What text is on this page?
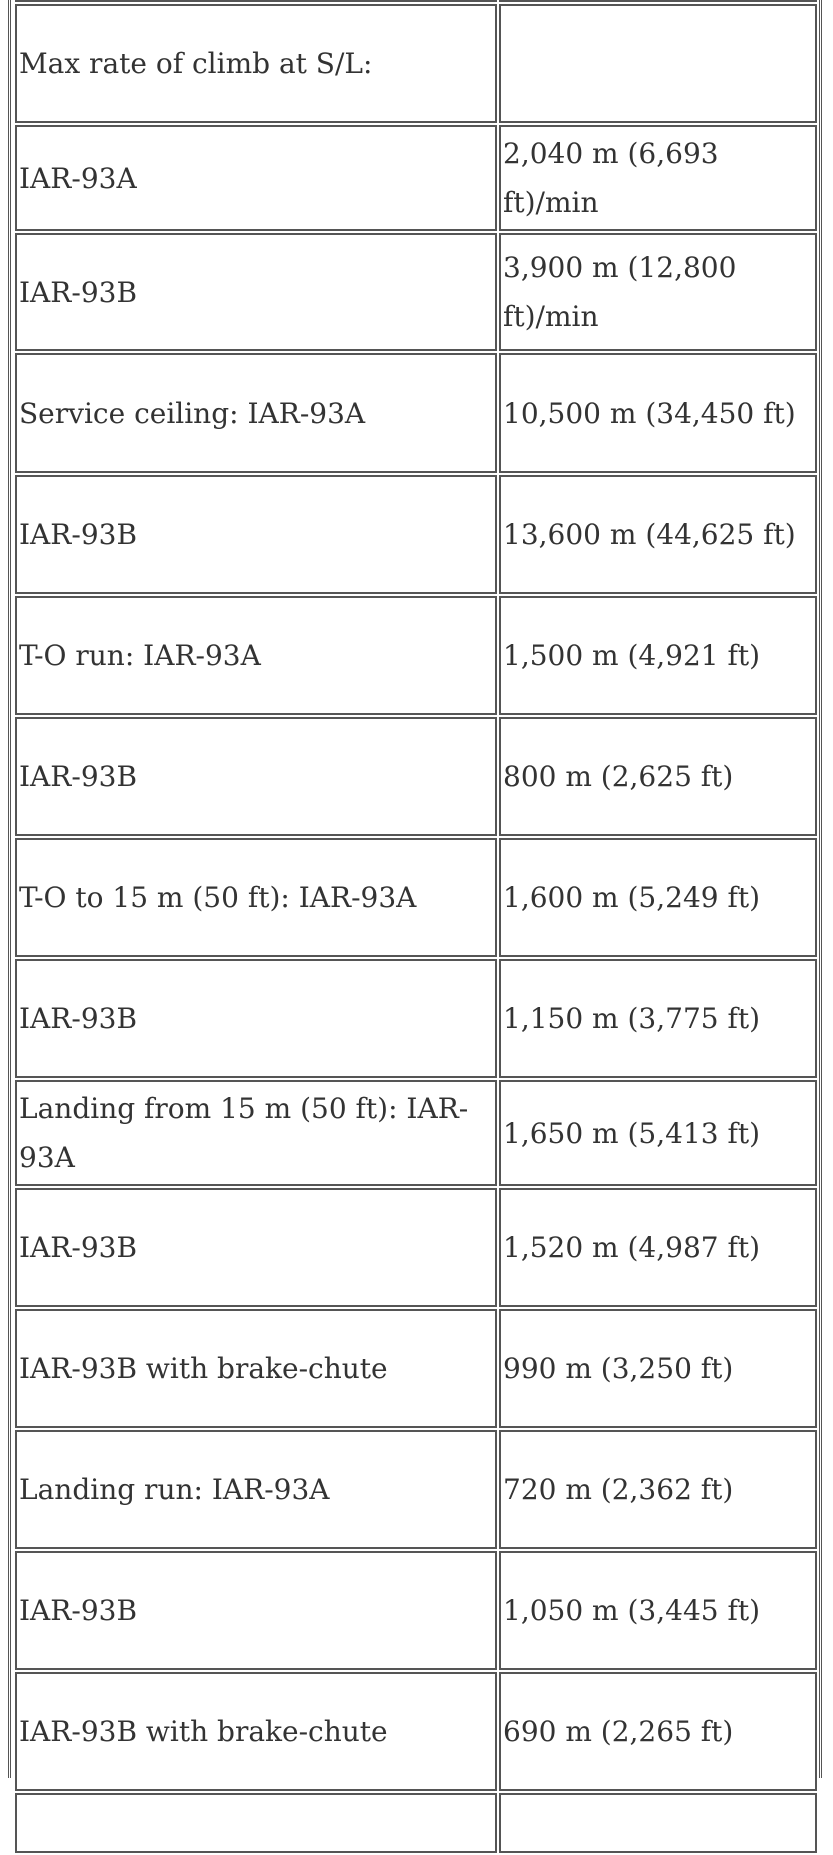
Max rate of climb at S/L:	
IAR-93A	2,040 m (6,693 ft)/min
IAR-93B	3,900 m (12,800 ft)/min
Service ceiling: IAR-93A	10,500 m (34,450 ft)
IAR-93B	13,600 m (44,625 ft)
T-O run: IAR-93A	1,500 m (4,921 ft)
IAR-93B	800 m (2,625 ft)
T-O to 15 m (50 ft): IAR-93A	1,600 m (5,249 ft)
IAR-93B	1,150 m (3,775 ft)
Landing from 15 m (50 ft): IAR-93A	1,650 m (5,413 ft)
IAR-93B	1,520 m (4,987 ft)
IAR-93B with brake-chute	990 m (3,250 ft)
Landing run: IAR-93A	720 m (2,362 ft)
IAR-93B	1,050 m (3,445 ft)
IAR-93B with brake-chute	690 m (2,265 ft)
